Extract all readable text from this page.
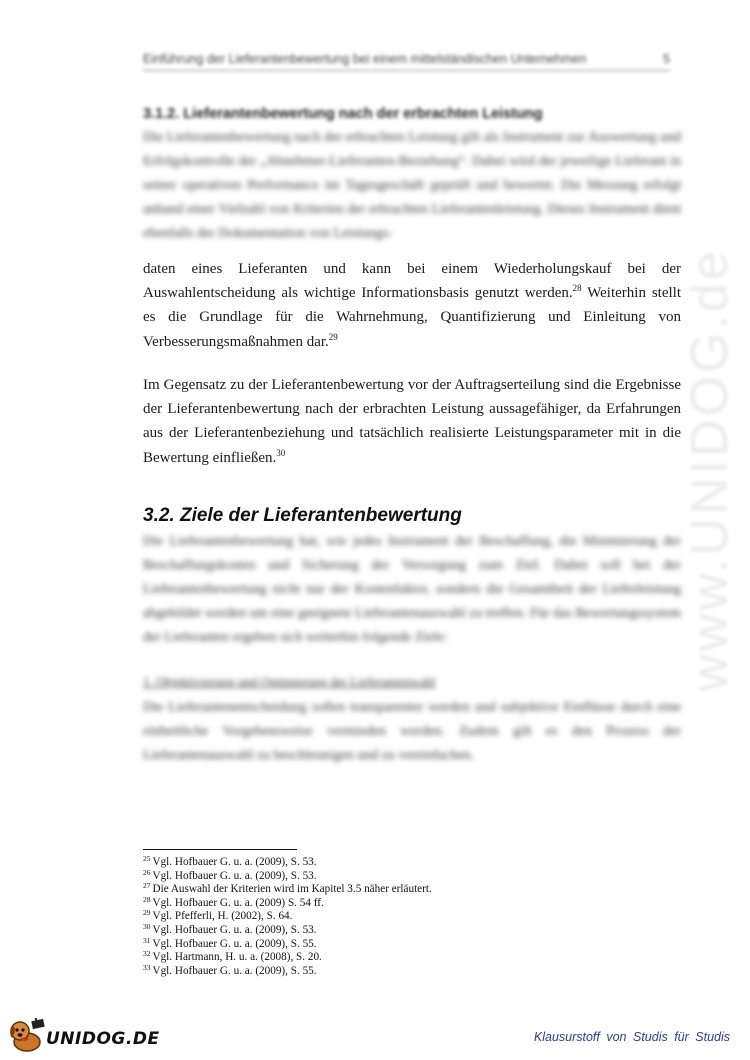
www.UNIDOG.de
Einführung der Lieferantenbewertung bei einem mittelständischen Unternehmen	5
3.1.2. Lieferantenbewertung nach der erbrachten Leistung

Die Lieferantenbewertung nach der erbrachten Leistung gilt als Instrument zur Auswertung und Erfolgskontrolle der „Abnehmer-Lieferanten-Beziehung“. Dabei wird der jeweilige Lieferant in seiner operativen Performance im Tagesgeschäft geprüft und bewertet. Die Messung erfolgt anhand einer Vielzahl von Kriterien der erbrachten Lieferantenleistung. Dieses Instrument dient ebenfalls der Dokumentation von Leistungs-

daten eines Lieferanten und kann bei einem Wiederholungskauf bei der Auswahlentscheidung als wichtige Informationsbasis genutzt werden.$^{28}$ Weiterhin stellt es die Grundlage für die Wahrnehmung, Quantifizierung und Einleitung von Verbesserungsmaßnahmen dar.$^{29}$

Im Gegensatz zu der Lieferantenbewertung vor der Auftragserteilung sind die Ergebnisse der Lieferantenbewertung nach der erbrachten Leistung aussagefähiger, da Erfahrungen aus der Lieferantenbeziehung und tatsächlich realisierte Leistungsparameter mit in die Bewertung einfließen.$^{30}$

3.2. Ziele der Lieferantenbewertung

Die Lieferantenbewertung hat, wie jedes Instrument der Beschaffung, die Minimierung der Beschaffungskosten und Sicherung der Versorgung zum Ziel. Dabei soll bei der Lieferantenbewertung nicht nur der Kostenfaktor, sondern die Gesamtheit der Lieferleistung abgebildet werden um eine geeignete Lieferantenauswahl zu treffen. Für das Bewertungssystem der Lieferanten ergeben sich weiterhin folgende Ziele:

1. Objektivierung und Optimierung der Lieferantenwahl

Die Lieferantenentscheidung sollen transparenter werden und subjektive Einflüsse durch eine einheitliche Vorgehensweise vermieden werden. Zudem gilt es den Prozess der Lieferantenauswahl zu beschleunigen und zu vereinfachen.

$^{25}$ Vgl. Hofbauer G. u. a. (2009), S. 53.
$^{26}$ Vgl. Hofbauer G. u. a. (2009), S. 53.
$^{27}$ Die Auswahl der Kriterien wird im Kapitel 3.5 näher erläutert.
$^{28}$ Vgl. Hofbauer G. u. a. (2009) S. 54 ff.
$^{29}$ Vgl. Pfefferli, H. (2002), S. 64.
$^{30}$ Vgl. Hofbauer G. u. a. (2009), S. 53.
$^{31}$ Vgl. Hofbauer G. u. a. (2009), S. 55.
$^{32}$ Vgl. Hartmann, H. u. a. (2008), S. 20.
$^{33}$ Vgl. Hofbauer G. u. a. (2009), S. 55.
UNIDOG.DE	Klausurstoff von Studis für Studis
